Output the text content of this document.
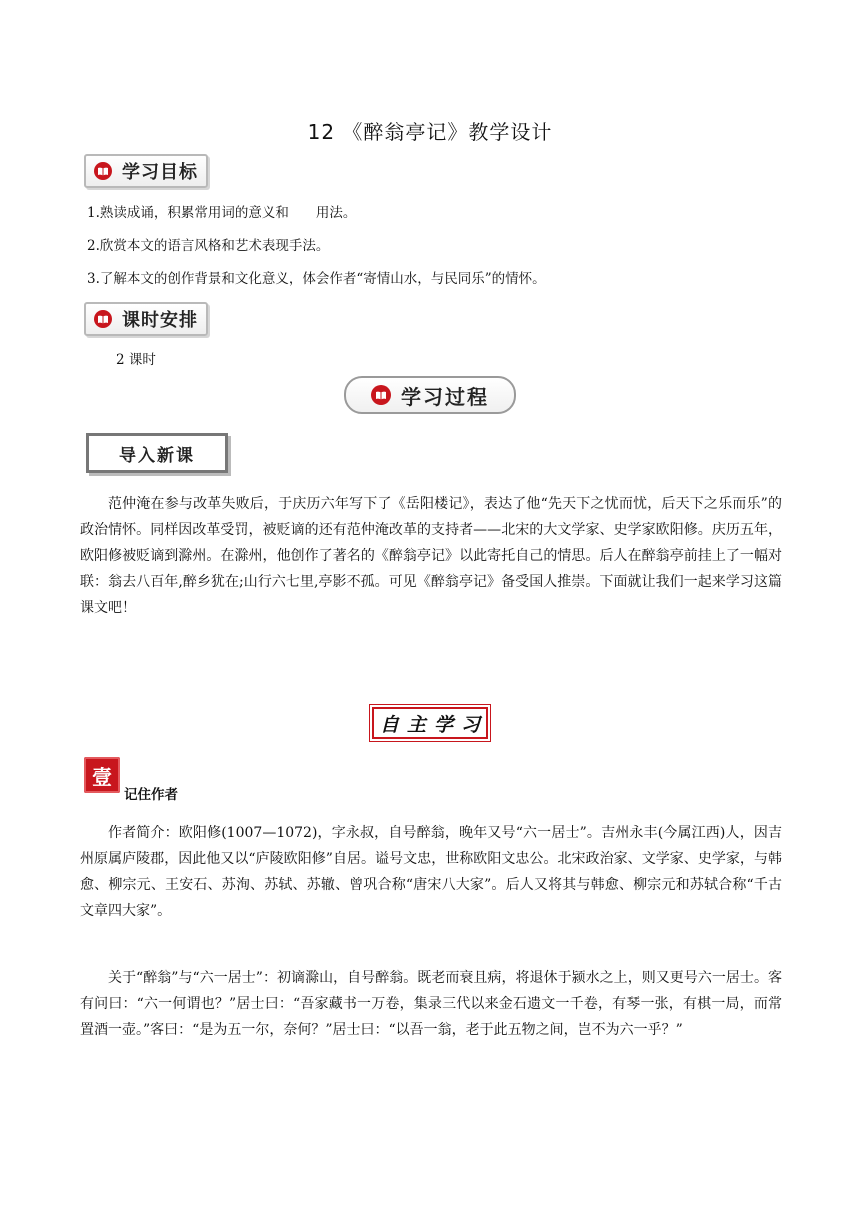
12 《醉翁亭记》教学设计
学习目标
1.熟读成诵，积累常用词的意义和　　用法。
2.欣赏本文的语言风格和艺术表现手法。
3.了解本文的创作背景和文化意义，体会作者“寄情山水，与民同乐”的情怀。
课时安排
2 课时
学习过程
导入新课
范仲淹在参与改革失败后，于庆历六年写下了《岳阳楼记》，表达了他“先天下之忧而忧，后天下之乐而乐”的政治情怀。同样因改革受罚，被贬谪的还有范仲淹改革的支持者——北宋的大文学家、史学家欧阳修。庆历五年，欧阳修被贬谪到滁州。在滁州，他创作了著名的《醉翁亭记》以此寄托自己的情思。后人在醉翁亭前挂上了一幅对联：翁去八百年,醉乡犹在;山行六七里,亭影不孤。可见《醉翁亭记》备受国人推崇。下面就让我们一起来学习这篇课文吧！
自主学习
壹
记住作者
作者简介：欧阳修(1007—1072)，字永叔，自号醉翁，晚年又号“六一居士”。吉州永丰(今属江西)人，因吉州原属庐陵郡，因此他又以“庐陵欧阳修”自居。谥号文忠，世称欧阳文忠公。北宋政治家、文学家、史学家，与韩愈、柳宗元、王安石、苏洵、苏轼、苏辙、曾巩合称“唐宋八大家”。后人又将其与韩愈、柳宗元和苏轼合称“千古文章四大家”。
关于“醉翁”与“六一居士”：初谪滁山，自号醉翁。既老而衰且病，将退休于颍水之上，则又更号六一居士。客有问曰：“六一何谓也？”居士曰：“吾家藏书一万卷，集录三代以来金石遗文一千卷，有琴一张，有棋一局，而常置酒一壶。”客曰：“是为五一尔，奈何？”居士曰：“以吾一翁，老于此五物之间，岂不为六一乎？”
